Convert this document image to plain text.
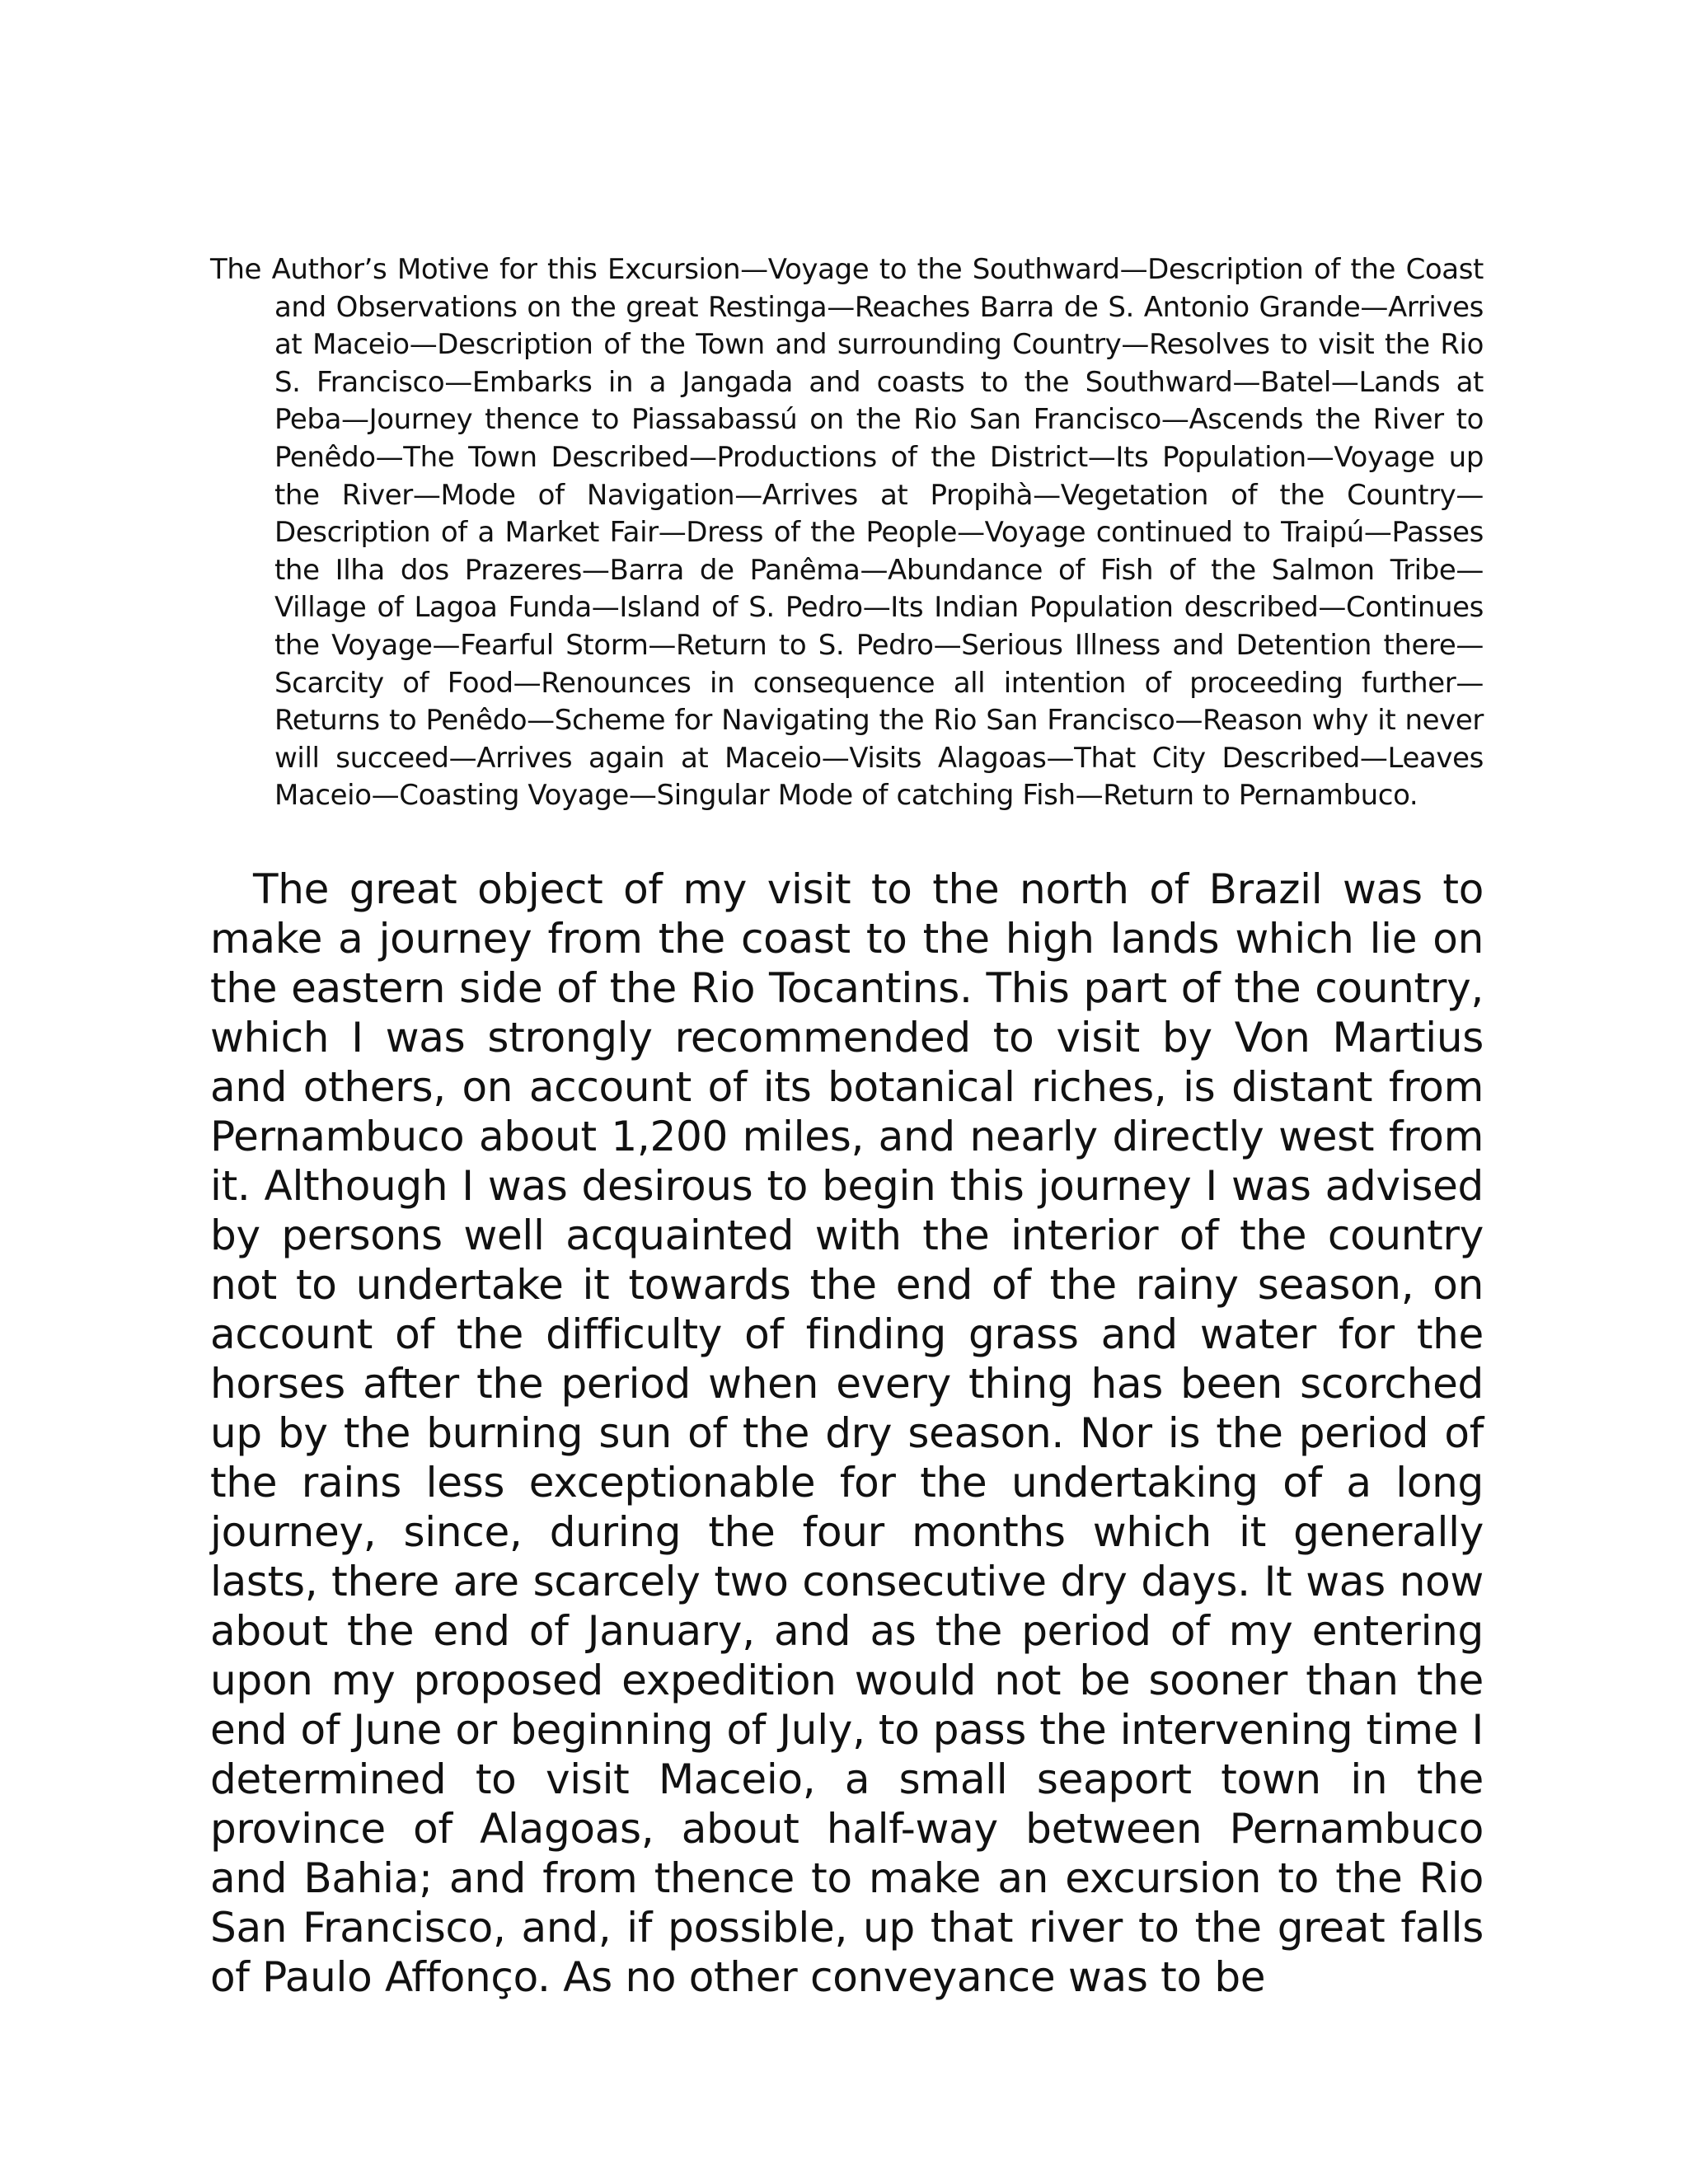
The Author’s Motive for this Excursion—Voyage to the Southward—Description of the Coast and Observations on the great Restinga—Reaches Barra de S. Antonio Grande—Arrives at Maceio—Description of the Town and surrounding Country—Resolves to visit the Rio S. Francisco—Embarks in a Jangada and coasts to the Southward—Batel—Lands at Peba—Journey thence to Piassabassú on the Rio San Francisco—Ascends the River to Penêdo—The Town Described—Productions of the District—Its Population—Voyage up the River—Mode of Navigation—Arrives at Propihà—Vegetation of the Country—Description of a Market Fair—Dress of the People—Voyage continued to Traipú—Passes the Ilha dos Prazeres—Barra de Panêma—Abundance of Fish of the Salmon Tribe—Village of Lagoa Funda—Island of S. Pedro—Its Indian Population described—Continues the Voyage—Fearful Storm—Return to S. Pedro—Serious Illness and Detention there—Scarcity of Food—Renounces in consequence all intention of proceeding further—Returns to Penêdo—Scheme for Navigating the Rio San Francisco—Reason why it never will succeed—Arrives again at Maceio—Visits Alagoas—That City Described—Leaves Maceio—Coasting Voyage—Singular Mode of catching Fish—Return to Pernambuco.

The great object of my visit to the north of Brazil was to make a journey from the coast to the high lands which lie on the eastern side of the Rio Tocantins. This part of the country, which I was strongly recommended to visit by Von Martius and others, on account of its botanical riches, is distant from Pernambuco about 1,200 miles, and nearly directly west from it. Although I was desirous to begin this journey I was advised by persons well acquainted with the interior of the country not to undertake it towards the end of the rainy season, on account of the difficulty of finding grass and water for the horses after the period when every thing has been scorched up by the burning sun of the dry season. Nor is the period of the rains less exceptionable for the undertaking of a long journey, since, during the four months which it generally lasts, there are scarcely two consecutive dry days. It was now about the end of January, and as the period of my entering upon my proposed expedition would not be sooner than the end of June or beginning of July, to pass the intervening time I determined to visit Maceio, a small seaport town in the province of Alagoas, about half-way between Pernambuco and Bahia; and from thence to make an excursion to the Rio San Francisco, and, if possible, up that river to the great falls of Paulo Affonço. As no other conveyance was to be
